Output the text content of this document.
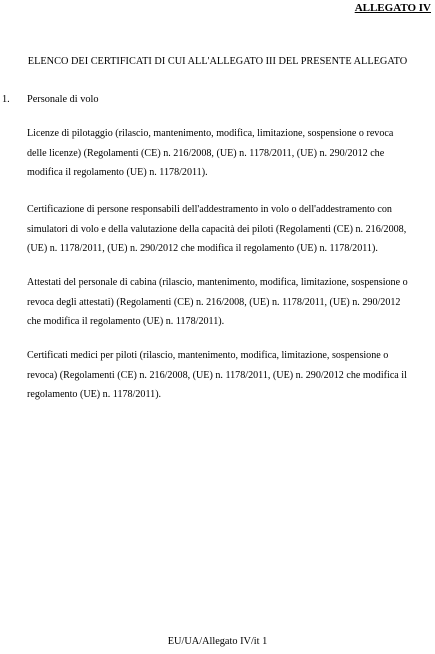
ALLEGATO IV
ELENCO DEI CERTIFICATI DI CUI ALL'ALLEGATO III DEL PRESENTE ALLEGATO
1. Personale di volo
Licenze di pilotaggio (rilascio, mantenimento, modifica, limitazione, sospensione o revoca
delle licenze) (Regolamenti (CE) n. 216/2008, (UE) n. 1178/2011, (UE) n. 290/2012 che
modifica il regolamento (UE) n. 1178/2011).
Certificazione di persone responsabili dell'addestramento in volo o dell'addestramento con
simulatori di volo e della valutazione della capacità dei piloti (Regolamenti (CE) n. 216/2008,
(UE) n. 1178/2011, (UE) n. 290/2012 che modifica il regolamento (UE) n. 1178/2011).
Attestati del personale di cabina (rilascio, mantenimento, modifica, limitazione, sospensione o
revoca degli attestati) (Regolamenti (CE) n. 216/2008, (UE) n. 1178/2011, (UE) n. 290/2012
che modifica il regolamento (UE) n. 1178/2011).
Certificati medici per piloti (rilascio, mantenimento, modifica, limitazione, sospensione o
revoca) (Regolamenti (CE) n. 216/2008, (UE) n. 1178/2011, (UE) n. 290/2012 che modifica il
regolamento (UE) n. 1178/2011).
EU/UA/Allegato IV/it 1
